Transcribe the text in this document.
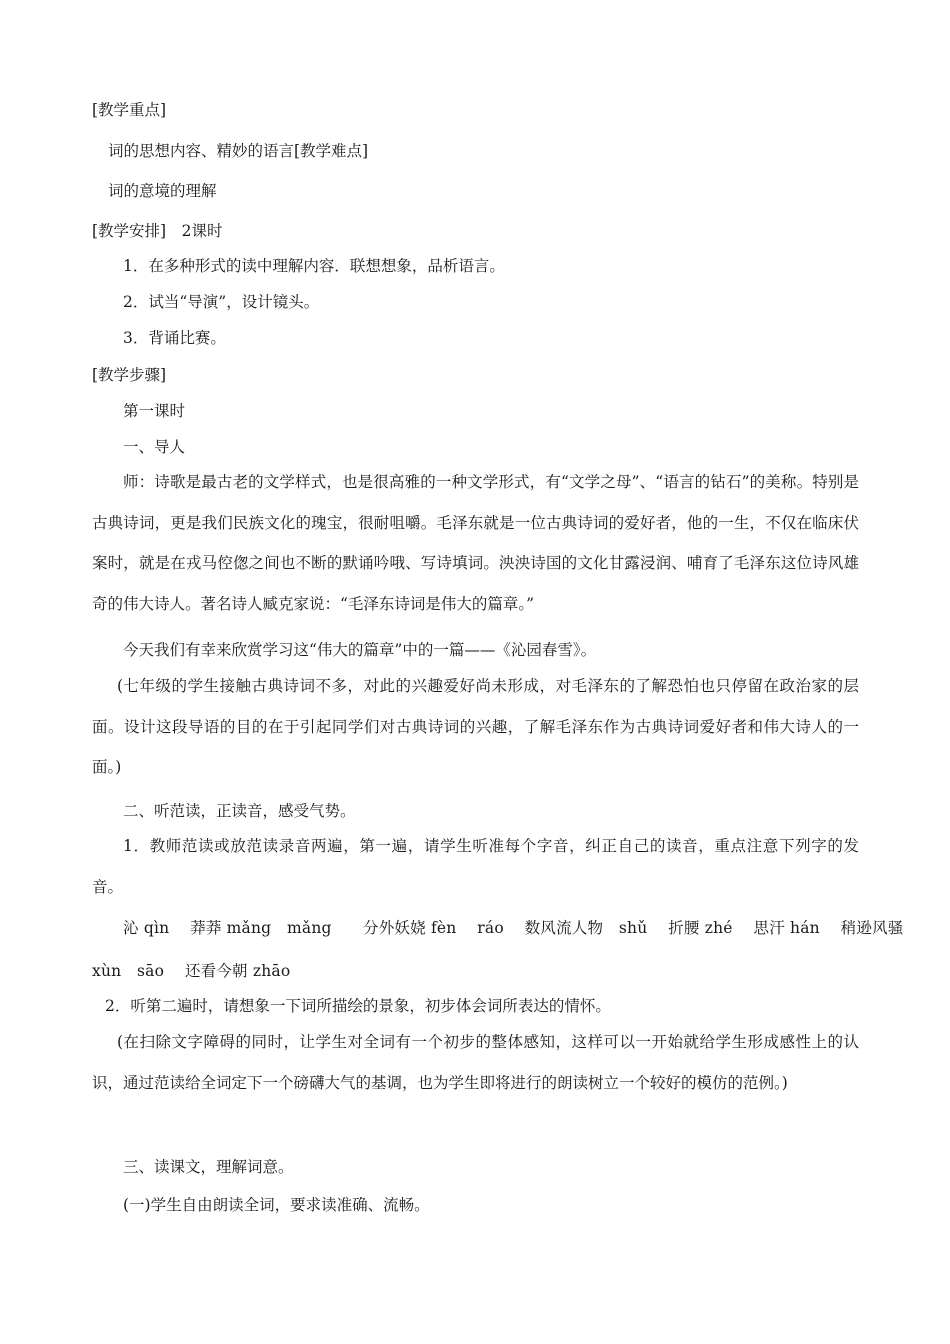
[教学重点]
词的思想内容、精妙的语言[教学难点]
词的意境的理解
[教学安排]　2课时
1．在多种形式的读中理解内容．联想想象，品析语言。
2．试当“导演”，设计镜头。
3．背诵比赛。
[教学步骤]
第一课时
一、导人
师：诗歌是最古老的文学样式，也是很高雅的一种文学形式，有“文学之母”、“语言的钻石”的美称。特别是古典诗词，更是我们民族文化的瑰宝，很耐咀嚼。毛泽东就是一位古典诗词的爱好者，他的一生，不仅在临床伏案时，就是在戎马倥偬之间也不断的默诵吟哦、写诗填词。泱泱诗国的文化甘露浸润、哺育了毛泽东这位诗风雄奇的伟大诗人。著名诗人臧克家说：“毛泽东诗词是伟大的篇章。”
今天我们有幸来欣赏学习这“伟大的篇章”中的一篇——《沁园春雪》。
(七年级的学生接触古典诗词不多，对此的兴趣爱好尚未形成，对毛泽东的了解恐怕也只停留在政治家的层面。设计这段导语的目的在于引起同学们对古典诗词的兴趣，了解毛泽东作为古典诗词爱好者和伟大诗人的一面。)
二、听范读，正读音，感受气势。
1．教师范读或放范读录音两遍，第一遍，请学生听准每个字音，纠正自己的读音，重点注意下列字的发音。
沁 qìn　 莽莽 mǎng　mǎng　　分外妖娆 fèn　 ráo　 数风流人物　shǔ　 折腰 zhé　 思汗 hán　 稍逊风骚
xùn　sāo　 还看今朝 zhāo
2．听第二遍时，请想象一下词所描绘的景象，初步体会词所表达的情怀。
(在扫除文字障碍的同时，让学生对全词有一个初步的整体感知，这样可以一开始就给学生形成感性上的认识，通过范读给全词定下一个磅礴大气的基调，也为学生即将进行的朗读树立一个较好的模仿的范例。)
三、读课文，理解词意。
(一)学生自由朗读全词，要求读准确、流畅。
